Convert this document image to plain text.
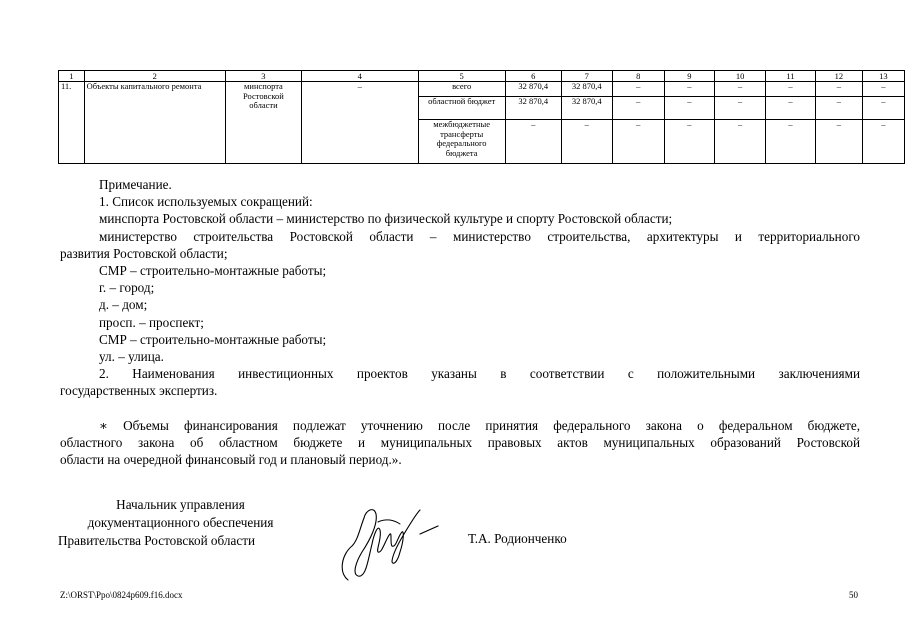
1	2	3	4	5	6	7	8	9	10	11	12	13
11.	Объекты капитального ремонта	минспорта Ростовской области	–	всего	32 870,4	32 870,4	–	–	–	–	–	–
				областной бюджет	32 870,4	32 870,4	–	–	–	–	–	–
				межбюджетные трансферты федерального бюджета	–	–	–	–	–	–	–	–

Примечание.

1. Список используемых сокращений:

минспорта Ростовской области – министерство по физической культуре и спорту Ростовской области;

министерство строительства Ростовской области – министерство строительства, архитектуры и территориального

развития Ростовской области;

СМР – строительно-монтажные работы;

г. – город;

д. – дом;

просп. – проспект;

СМР – строительно-монтажные работы;

ул. – улица.

2. Наименования инвестиционных проектов указаны в соответствии с положительными заключениями

государственных экспертиз.

∗ Объемы финансирования подлежат уточнению после принятия федерального закона о федеральном бюджете,

областного закона об областном бюджете и муниципальных правовых актов муниципальных образований Ростовской

области на очередной финансовый год и плановый период.».

Начальник управления
документационного обеспечения
Правительства Ростовской области	Т.А. Родионченко
Z:\ORST\Ppo\0824p609.f16.docx	50
